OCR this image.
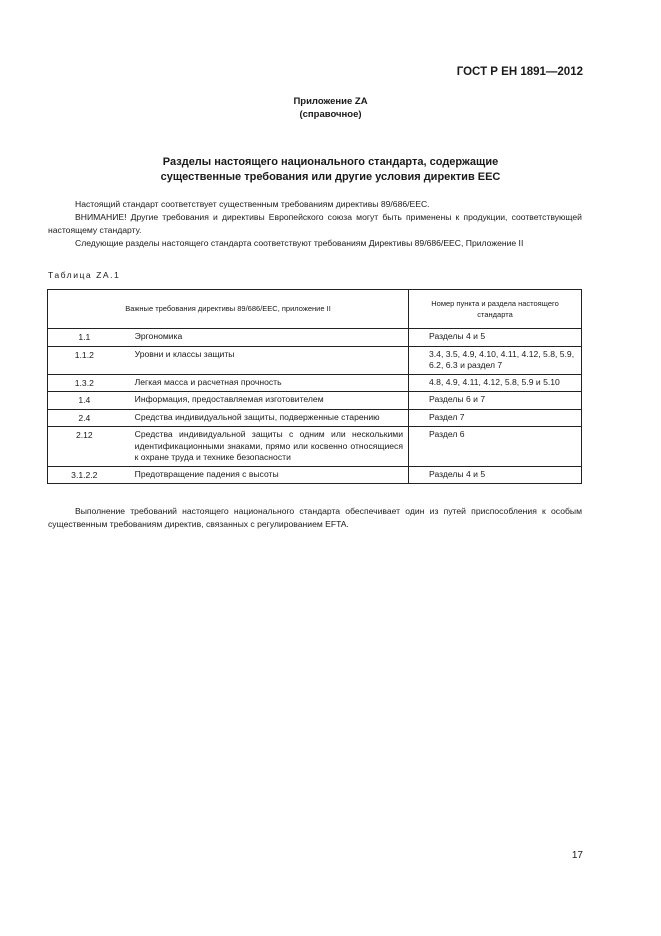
ГОСТ Р ЕН 1891—2012
Приложение ZA
(справочное)
Разделы настоящего национального стандарта, содержащие
существенные требования или другие условия директив EEC

Настоящий стандарт соответствует существенным требованиям директивы 89/686/EEC.

ВНИМАНИЕ! Другие требования и директивы Европейского союза могут быть применены к продукции, соответствующей настоящему стандарту.

Следующие разделы настоящего стандарта соответствуют требованиям Директивы 89/686/EEC, Приложение II

Таблица ZA.1
Важные требования директивы 89/686/EEC, приложение II		Номер пункта и раздела настоящего стандарта
1.1	Эргономика	Разделы 4 и 5
1.1.2	Уровни и классы защиты	3.4, 3.5, 4.9, 4.10, 4.11, 4.12, 5.8, 5.9, 6.2, 6.3 и раздел 7
1.3.2	Легкая масса и расчетная прочность	4.8, 4.9, 4.11, 4.12, 5.8, 5.9 и 5.10
1.4	Информация, предоставляемая изготовителем	Разделы 6 и 7
2.4	Средства индивидуальной защиты, подверженные старению	Раздел 7
2.12	Средства индивидуальной защиты с одним или несколькими идентификационными знаками, прямо или косвенно относящиеся к охране труда и технике безопасности	Раздел 6
3.1.2.2	Предотвращение падения с высоты	Разделы 4 и 5

Выполнение требований настоящего национального стандарта обеспечивает один из путей приспособления к особым существенным требованиям директив, связанных с регулированием EFTA.

17
